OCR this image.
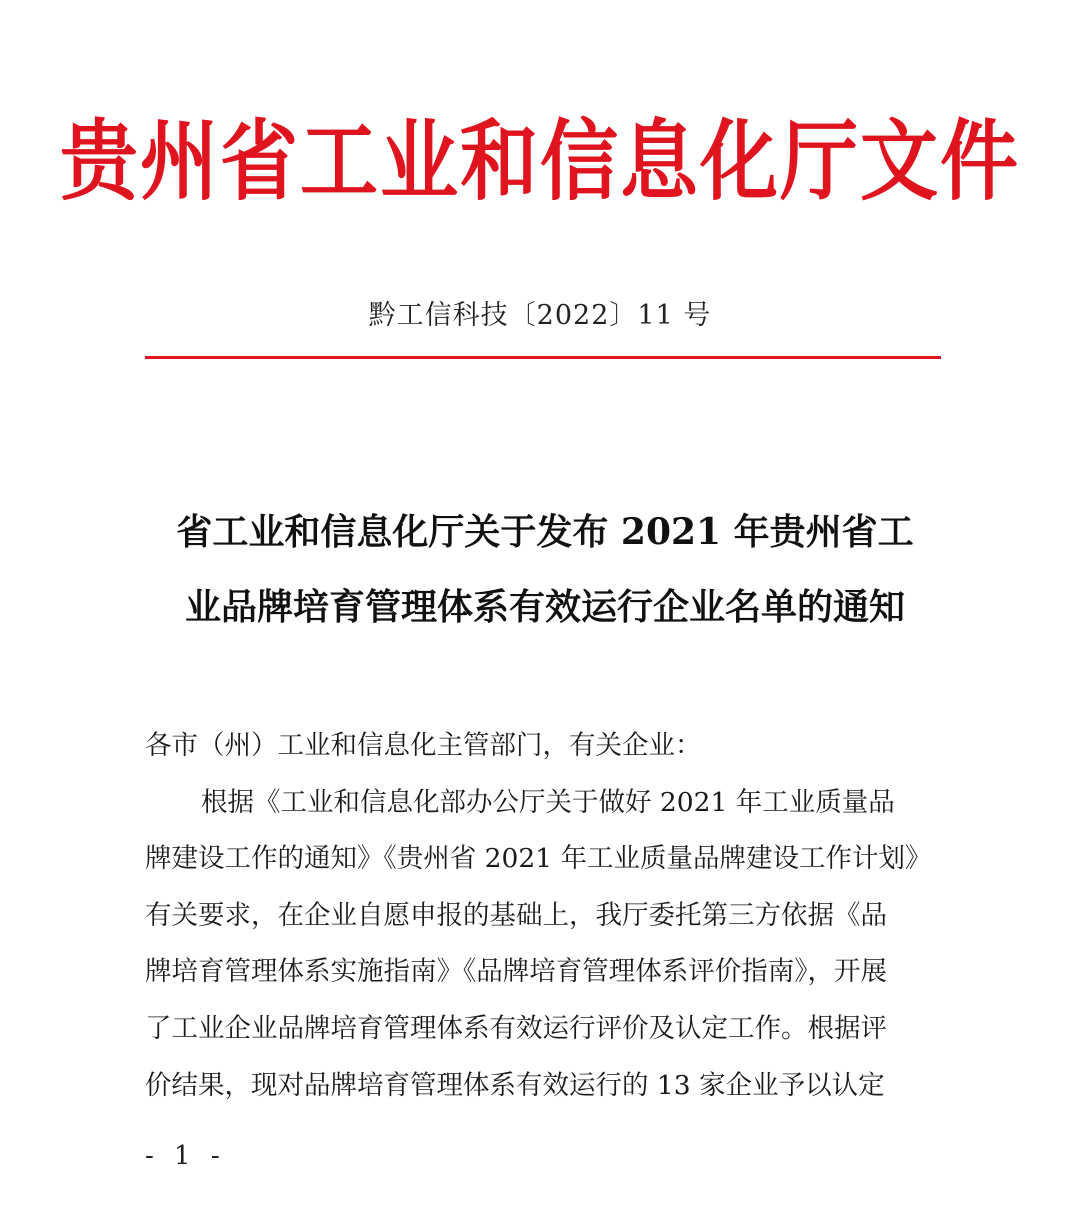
贵州省工业和信息化厅文件
黔工信科技〔2022〕11 号
省工业和信息化厅关于发布 2021 年贵州省工
业品牌培育管理体系有效运行企业名单的通知
各市（州）工业和信息化主管部门，有关企业：
根据《工业和信息化部办公厅关于做好 2021 年工业质量品
牌建设工作的通知》《贵州省 2021 年工业质量品牌建设工作计划》
有关要求，在企业自愿申报的基础上，我厅委托第三方依据《品
牌培育管理体系实施指南》《品牌培育管理体系评价指南》，开展
了工业企业品牌培育管理体系有效运行评价及认定工作。根据评
价结果，现对品牌培育管理体系有效运行的 13 家企业予以认定
- 1 -
